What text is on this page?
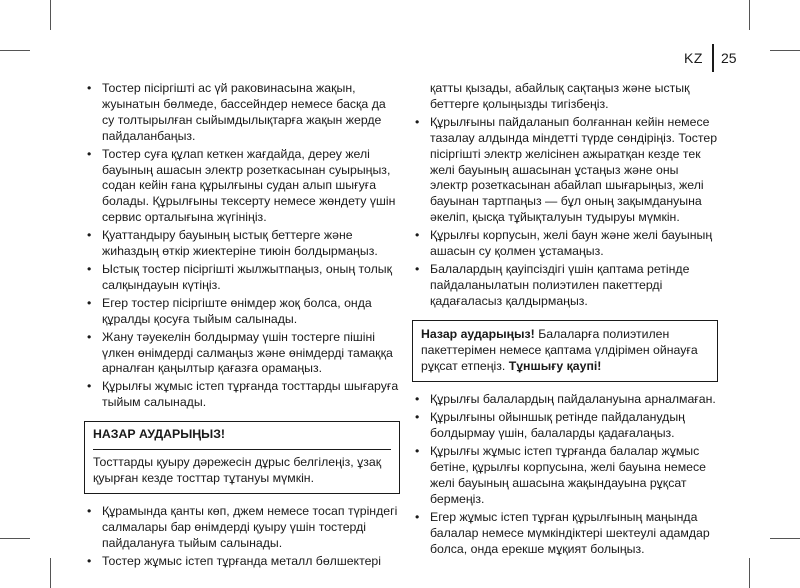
KZ 25
• Тостер пісіргішті ас үй раковинасына жақын, жуынатын бөлмеде, бассейндер немесе басқа да су толтырылған сыйымдылықтарға жақын жерде пайдаланбаңыз.
• Тостер суға құлап кеткен жағдайда, дереу желі бауының ашасын электр розеткасынан суырыңыз, содан кейін ғана құрылғыны судан алып шығуға болады. Құрылғыны тексерту немесе жөндету үшін сервис орталығына жүгініңіз.
• Қуаттандыру бауының ыстық беттерге және жиһаздың өткір жиектеріне тиюін болдырмаңыз.
• Ыстық тостер пісіргішті жылжытпаңыз, оның толық салқындауын күтіңіз.
• Егер тостер пісіргіште өнімдер жоқ болса, онда құралды қосуға тыйым салынады.
• Жану тәуекелін болдырмау үшін тостерге пішіні үлкен өнімдерді салмаңыз және өнімдерді тамаққа арналған қаңылтыр қағазға орамаңыз.
• Құрылғы жұмыс істеп тұрғанда тосттарды шығаруға тыйым салынады.
НАЗАР АУДАРЫҢЫЗ!
Тосттарды қуыру дәрежесін дұрыс белгілеңіз, ұзақ қуырған кезде тосттар тұтануы мүмкін.
• Құрамында қанты көп, джем немесе тосап түріндегі салмалары бар өнімдерді қуыру үшін тостерді пайдалануға тыйым салынады.
• Тостер жұмыс істеп тұрғанда металл бөлшектері

қатты қызады, абайлық сақтаңыз және ыстық беттерге қолыңызды тигізбеңіз.

• Құрылғыны пайдаланып болғаннан кейін немесе тазалау алдында міндетті түрде сөндіріңіз. Тостер пісіргішті электр желісінен ажыратқан кезде тек желі бауының ашасынан ұстаңыз және оны электр розеткасынан абайлап шығарыңыз, желі бауынан тартпаңыз — бұл оның зақымдануына әкеліп, қысқа тұйықталуын тудыруы мүмкін.
• Құрылғы корпусын, желі баун және желі бауының ашасын су қолмен ұстамаңыз.
• Балалардың қауіпсіздігі үшін қаптама ретінде пайдаланылатын полиэтилен пакеттерді қадағаласыз қалдырмаңыз.
Назар аударыңыз! Балаларға полиэтилен пакеттерімен немесе қаптама үлдірімен ойнауға рұқсат етпеңіз. Тұншығу қаупі!
• Құрылғы балалардың пайдалануына арналмаған.
• Құрылғыны ойыншық ретінде пайдаланудың болдырмау үшін, балаларды қадағалаңыз.
• Құрылғы жұмыс істеп тұрғанда балалар жұмыс бетіне, құрылғы корпусына, желі бауына немесе желі бауының ашасына жақындауына рұқсат бермеңіз.
• Егер жұмыс істеп тұрған құрылғының маңында балалар немесе мүмкіндіктері шектеулі адамдар болса, онда ерекше мұқият болыңыз.
